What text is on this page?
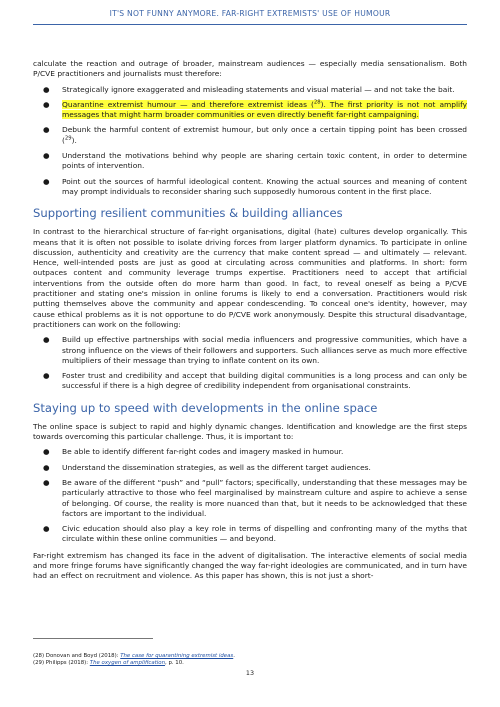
IT'S NOT FUNNY ANYMORE. FAR-RIGHT EXTREMISTS' USE OF HUMOUR

calculate the reaction and outrage of broader, mainstream audiences — especially media sensationalism. Both P/CVE practitioners and journalists must therefore:

● Strategically ignore exaggerated and misleading statements and visual material — and not take the bait.
● Quarantine extremist humour — and therefore extremist ideas ($^{28}$). The first priority is not not amplify messages that might harm broader communities or even directly benefit far-right campaigning.
● Debunk the harmful content of extremist humour, but only once a certain tipping point has been crossed ($^{29}$).
● Understand the motivations behind why people are sharing certain toxic content, in order to determine points of intervention.
● Point out the sources of harmful ideological content. Knowing the actual sources and meaning of content may prompt individuals to reconsider sharing such supposedly humorous content in the first place.
Supporting resilient communities & building alliances

In contrast to the hierarchical structure of far-right organisations, digital (hate) cultures develop organically. This means that it is often not possible to isolate driving forces from larger platform dynamics. To participate in online discussion, authenticity and creativity are the currency that make content spread — and ultimately — relevant. Hence, well-intended posts are just as good at circulating across communities and platforms. In short: form outpaces content and community leverage trumps expertise. Practitioners need to accept that artificial interventions from the outside often do more harm than good. In fact, to reveal oneself as being a P/CVE practitioner and stating one's mission in online forums is likely to end a conversation. Practitioners would risk putting themselves above the community and appear condescending. To conceal one's identity, however, may cause ethical problems as it is not opportune to do P/CVE work anonymously. Despite this structural disadvantage, practitioners can work on the following:

● Build up effective partnerships with social media influencers and progressive communities, which have a strong influence on the views of their followers and supporters. Such alliances serve as much more effective multipliers of their message than trying to inflate content on its own.
● Foster trust and credibility and accept that building digital communities is a long process and can only be successful if there is a high degree of credibility independent from organisational constraints.
Staying up to speed with developments in the online space

The online space is subject to rapid and highly dynamic changes. Identification and knowledge are the first steps towards overcoming this particular challenge. Thus, it is important to:

● Be able to identify different far-right codes and imagery masked in humour.
● Understand the dissemination strategies, as well as the different target audiences.
● Be aware of the different “push” and “pull” factors; specifically, understanding that these messages may be particularly attractive to those who feel marginalised by mainstream culture and aspire to achieve a sense of belonging. Of course, the reality is more nuanced than that, but it needs to be acknowledged that these factors are important to the individual.
● Civic education should also play a key role in terms of dispelling and confronting many of the myths that circulate within these online communities — and beyond.

Far-right extremism has changed its face in the advent of digitalisation. The interactive elements of social media and more fringe forums have significantly changed the way far-right ideologies are communicated, and in turn have had an effect on recruitment and violence. As this paper has shown, this is not just a short-

(28) Donovan and Boyd (2018): The case for quarantining extremist ideas.
(29) Philipps (2018): The oxygen of amplification, p. 10.
13
